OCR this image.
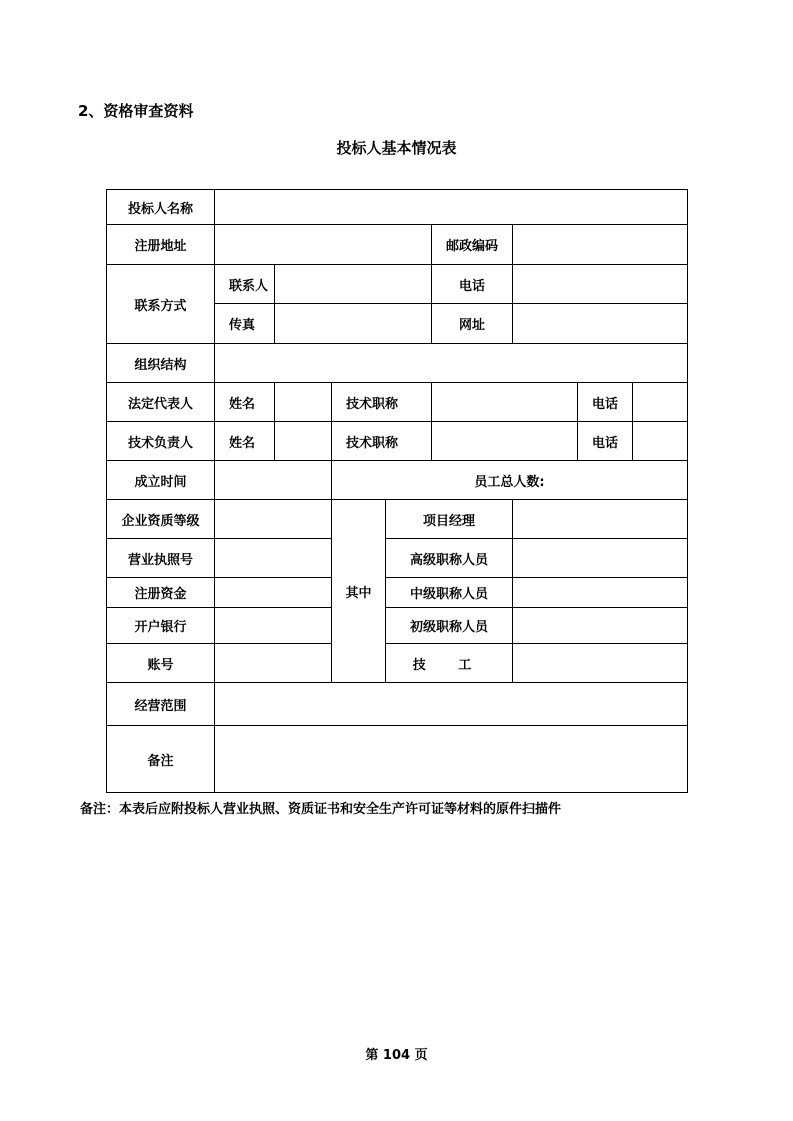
2、资格审查资料

投标人基本情况表

投标人名称								
注册地址					邮政编码			
联系方式	联系人				电话			
	传真				网址			
组织结构								
法定代表人	姓名		技术职称				电话	
技术负责人	姓名		技术职称				电话	
成立时间			员工总人数:					
企业资质等级			其中	项目经理				
营业执照号				高级职称人员				
注册资金				中级职称人员				
开户银行				初级职称人员				
账号				技 工				
经营范围								
备注								

备注：本表后应附投标人营业执照、资质证书和安全生产许可证等材料的原件扫描件

第 104 页
